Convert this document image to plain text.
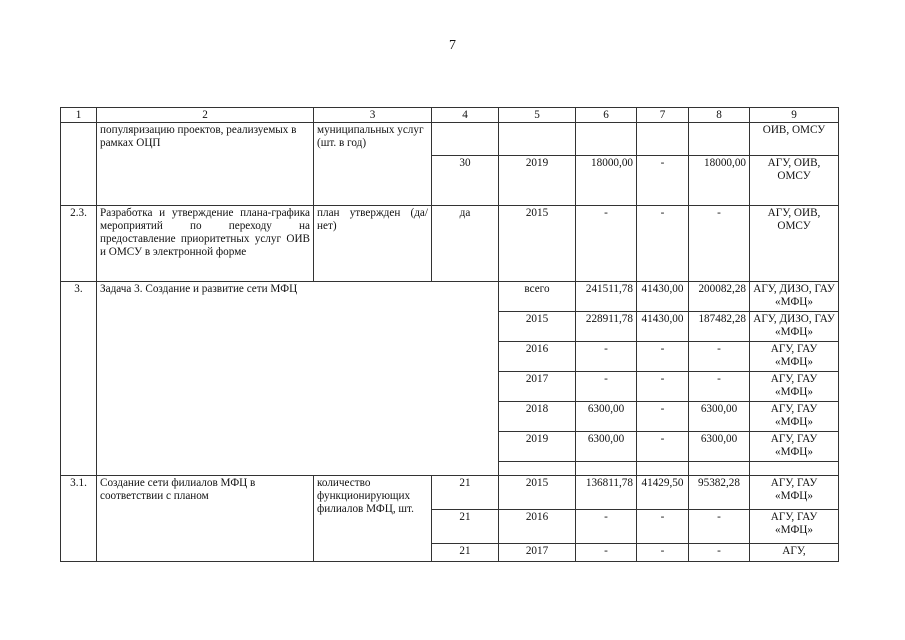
7
1	2	3	4	5	6	7	8	9
	популяризацию проектов, реализуемых в рамках ОЦП	муниципальных услуг (шт. в год)						ОИВ, ОМСУ
			30	2019	18000,00	-	18000,00	АГУ, ОИВ, ОМСУ
2.3.	Разработка и утверждение плана-графика мероприятий по переходу на предоставление приоритетных услуг ОИВ и ОМСУ в электронной форме	план утвержден (да/нет)	да	2015	-	-	-	АГУ, ОИВ, ОМСУ
3.	Задача 3. Создание и развитие сети МФЦ			всего	241511,78	41430,00	200082,28	АГУ, ДИЗО, ГАУ «МФЦ»
				2015	228911,78	41430,00	187482,28	АГУ, ДИЗО, ГАУ «МФЦ»
				2016	-	-	-	АГУ, ГАУ «МФЦ»
				2017	-	-	-	АГУ, ГАУ «МФЦ»
				2018	6300,00	-	6300,00	АГУ, ГАУ «МФЦ»
				2019	6300,00	-	6300,00	АГУ, ГАУ «МФЦ»

3.1.	Создание сети филиалов МФЦ в соответствии с планом	количество функционирующих филиалов МФЦ, шт.	21	2015	136811,78	41429,50	95382,28	АГУ, ГАУ «МФЦ»
			21	2016	-	-	-	АГУ, ГАУ «МФЦ»
			21	2017	-	-	-	АГУ,
